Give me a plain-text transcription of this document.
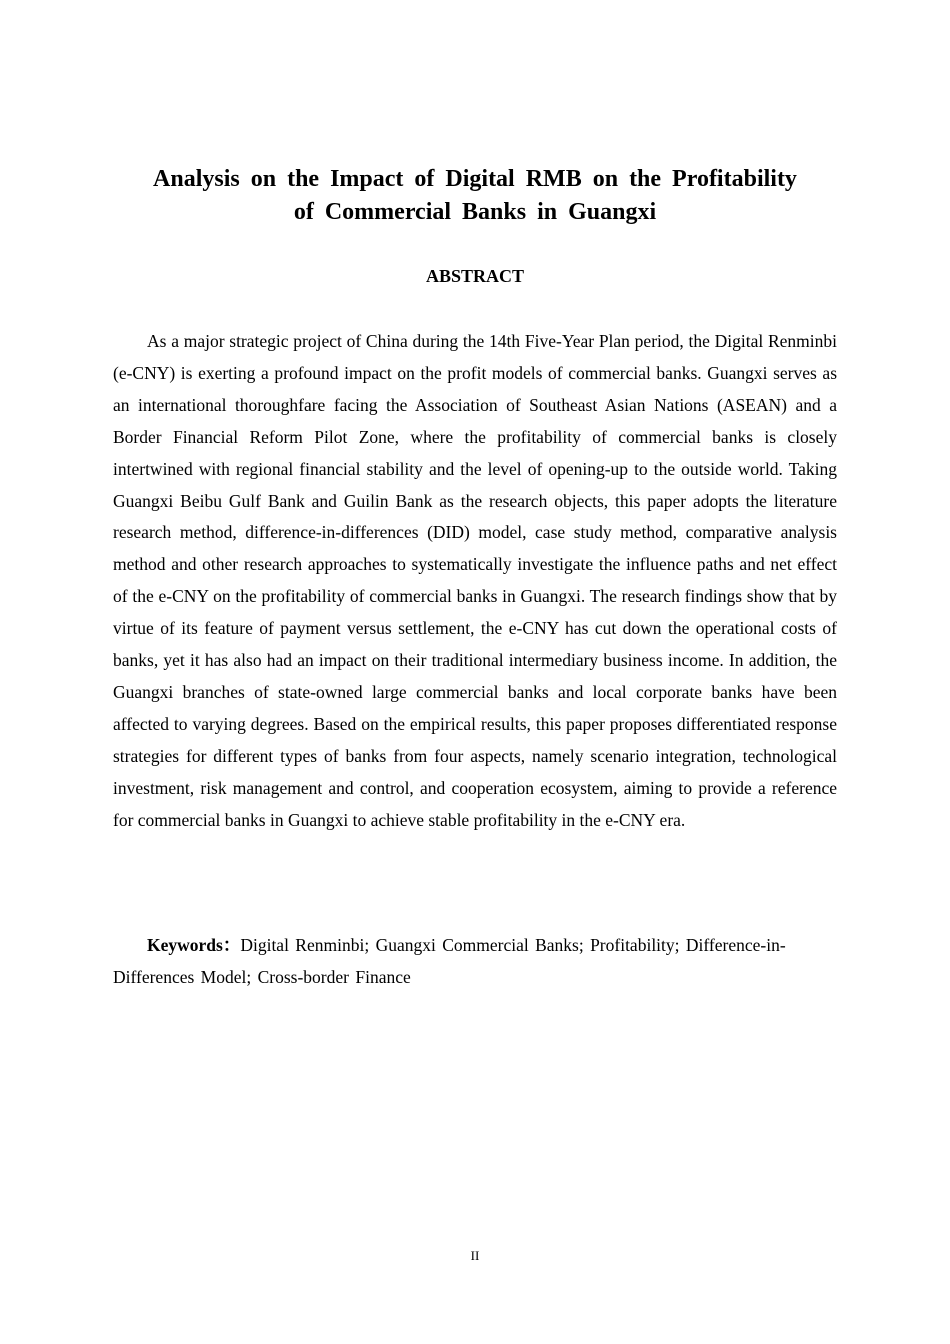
Analysis on the Impact of Digital RMB on the Profitability
of Commercial Banks in Guangxi
ABSTRACT

As a major strategic project of China during the 14th Five-Year Plan period, the Digital Renminbi (e-CNY) is exerting a profound impact on the profit models of commercial banks. Guangxi serves as an international thoroughfare facing the Association of Southeast Asian Nations (ASEAN) and a Border Financial Reform Pilot Zone, where the profitability of commercial banks is closely intertwined with regional financial stability and the level of opening-up to the outside world. Taking Guangxi Beibu Gulf Bank and Guilin Bank as the research objects, this paper adopts the literature research method, difference-in-differences (DID) model, case study method, comparative analysis method and other research approaches to systematically investigate the influence paths and net effect of the e-CNY on the profitability of commercial banks in Guangxi. The research findings show that by virtue of its feature of payment versus settlement, the e-CNY has cut down the operational costs of banks, yet it has also had an impact on their traditional intermediary business income. In addition, the Guangxi branches of state-owned large commercial banks and local corporate banks have been affected to varying degrees. Based on the empirical results, this paper proposes differentiated response strategies for different types of banks from four aspects, namely scenario integration, technological investment, risk management and control, and cooperation ecosystem, aiming to provide a reference for commercial banks in Guangxi to achieve stable profitability in the e-CNY era.

Keywords：Digital Renminbi; Guangxi Commercial Banks; Profitability; Difference-in-Differences Model; Cross-border Finance

II
